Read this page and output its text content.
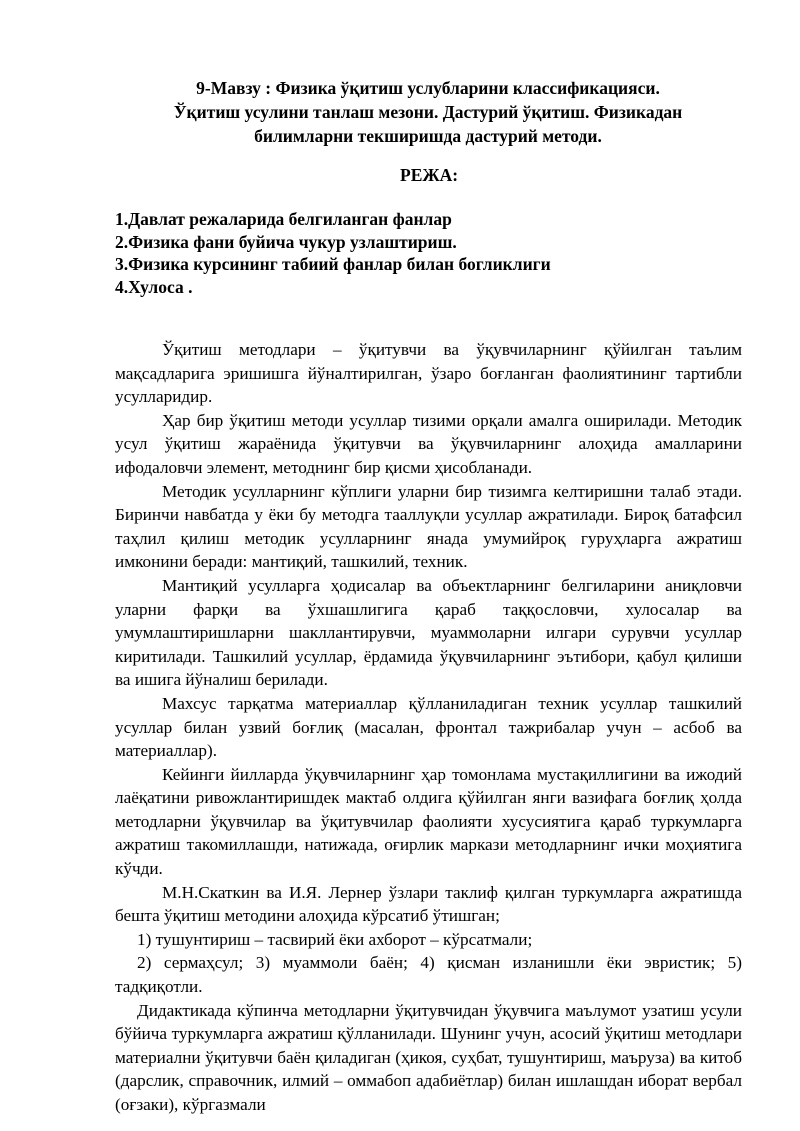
9-Мавзу : Физика ўқитиш услубларини классификацияси.
Ўқитиш усулини танлаш мезони. Дастурий ўқитиш. Физикадан
билимларни текширишда дастурий методи.
РЕЖА:
1.Давлат режаларида белгиланган фанлар
2.Физика фани буйича чукур узлаштириш.
3.Физика курсининг табиий фанлар билан богликлиги
4.Хулоса .

Ўқитиш методлари – ўқитувчи ва ўқувчиларнинг қўйилган таълим мақсадларига эришишга йўналтирилган, ўзаро боғланган фаолиятининг тартибли усулларидир.

Ҳар бир ўқитиш методи усуллар тизими орқали амалга оширилади. Методик усул ўқитиш жараёнида ўқитувчи ва ўқувчиларнинг алоҳида амалларини ифодаловчи элемент, методнинг бир қисми ҳисобланади.

Методик усулларнинг кўплиги уларни бир тизимга келтиришни талаб этади. Биринчи навбатда у ёки бу методга тааллуқли усуллар ажратилади. Бироқ батафсил таҳлил қилиш методик усулларнинг янада умумийроқ гуруҳларга ажратиш имконини беради: мантиқий, ташкилий, техник.

Мантиқий усулларга ҳодисалар ва объектларнинг белгиларини аниқловчи уларни фарқи ва ўхшашлигига қараб таққословчи, хулосалар ва умумлаштиришларни шакллантирувчи, муаммоларни илгари сурувчи усуллар киритилади. Ташкилий усуллар, ёрдамида ўқувчиларнинг эътибори, қабул қилиши ва ишига йўналиш берилади.

Махсус тарқатма материаллар қўлланиладиган техник усуллар ташкилий усуллар билан узвий боғлиқ (масалан, фронтал тажрибалар учун – асбоб ва материаллар).

Кейинги йилларда ўқувчиларнинг ҳар томонлама мустақиллигини ва ижодий лаёқатини ривожлантиришдек мактаб олдига қўйилган янги вазифага боғлиқ ҳолда методларни ўқувчилар ва ўқитувчилар фаолияти хусусиятига қараб туркумларга ажратиш такомиллашди, натижада, оғирлик маркази методларнинг ички моҳиятига кўчди.

М.Н.Скаткин ва И.Я. Лернер ўзлари таклиф қилган туркумларга ажратишда бешта ўқитиш методини алоҳида кўрсатиб ўтишган;

1) тушунтириш – тасвирий ёки ахборот – кўрсатмали;

2) сермаҳсул; 3) муаммоли баён; 4) қисман изланишли ёки эвристик; 5) тадқиқотли.

Дидактикада кўпинча методларни ўқитувчидан ўқувчига маълумот узатиш усули бўйича туркумларга ажратиш қўлланилади. Шунинг учун, асосий ўқитиш методлари материални ўқитувчи баён қиладиган (ҳикоя, суҳбат, тушунтириш, маъруза) ва китоб (дарслик, справочник, илмий – оммабоп адабиётлар) билан ишлашдан иборат вербал (оғзаки), кўргазмали
